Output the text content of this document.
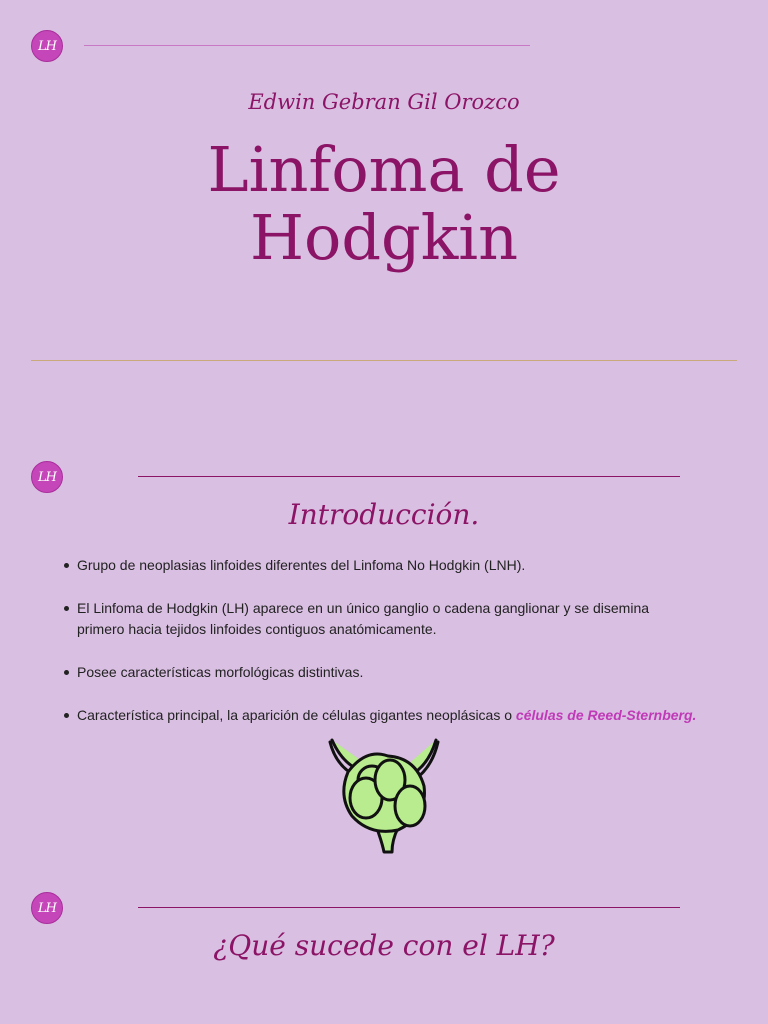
LH
Edwin Gebran Gil Orozco
Linfoma de
Hodgkin
LH
Introducción.
Grupo de neoplasias linfoides diferentes del Linfoma No Hodgkin (LNH).
El Linfoma de Hodgkin (LH) aparece en un único ganglio o cadena ganglionar y se disemina primero hacia tejidos linfoides contiguos anatómicamente.
Posee características morfológicas distintivas.
Característica principal, la aparición de células gigantes neoplásicas o células de Reed-Sternberg.
LH
¿Qué sucede con el LH?
